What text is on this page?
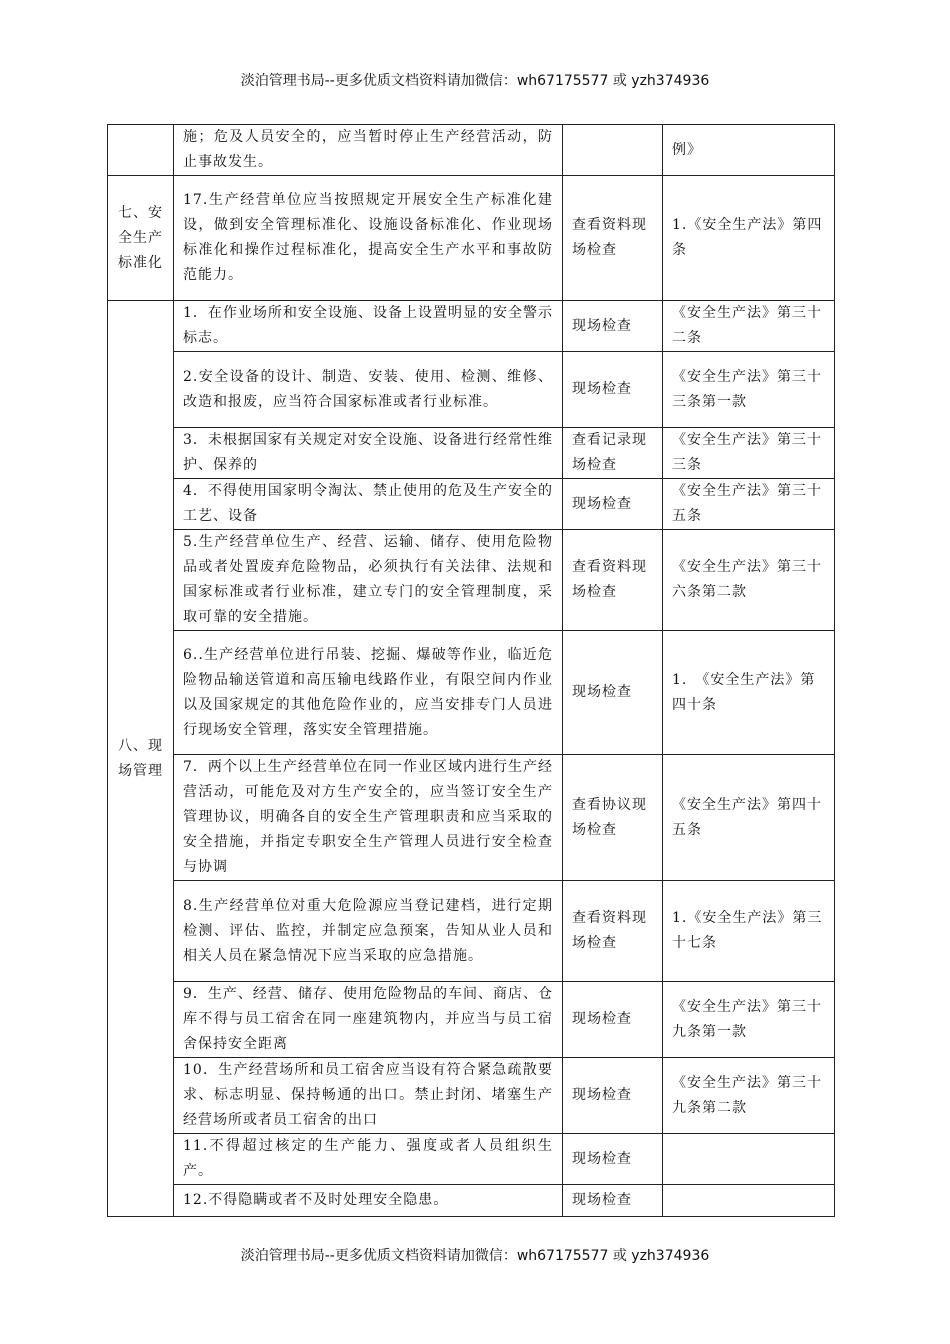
淡泊管理书局--更多优质文档资料请加微信：wh67175577 或 yzh374936
	施；危及人员安全的，应当暂时停止生产经营活动，防止事故发生。		例》
七、安全生产标准化	17.生产经营单位应当按照规定开展安全生产标准化建设，做到安全管理标准化、设施设备标准化、作业现场标准化和操作过程标准化，提高安全生产水平和事故防范能力。	查看资料现场检查	1.《安全生产法》第四条
八、现场管理	1．在作业场所和安全设施、设备上设置明显的安全警示标志。	现场检查	《安全生产法》第三十二条
	2.安全设备的设计、制造、安装、使用、检测、维修、改造和报废，应当符合国家标准或者行业标准。	现场检查	《安全生产法》第三十三条第一款
	3．未根据国家有关规定对安全设施、设备进行经常性维护、保养的	查看记录现场检查	《安全生产法》第三十三条
	4．不得使用国家明令淘汰、禁止使用的危及生产安全的工艺、设备	现场检查	《安全生产法》第三十五条
	5.生产经营单位生产、经营、运输、储存、使用危险物品或者处置废弃危险物品，必须执行有关法律、法规和国家标准或者行业标准，建立专门的安全管理制度，采取可靠的安全措施。	查看资料现场检查	《安全生产法》第三十六条第二款
	6..生产经营单位进行吊装、挖掘、爆破等作业，临近危险物品输送管道和高压输电线路作业，有限空间内作业以及国家规定的其他危险作业的，应当安排专门人员进行现场安全管理，落实安全管理措施。	现场检查	1.　《安全生产法》第四十条
	7．两个以上生产经营单位在同一作业区域内进行生产经营活动，可能危及对方生产安全的，应当签订安全生产管理协议，明确各自的安全生产管理职责和应当采取的安全措施，并指定专职安全生产管理人员进行安全检查与协调	查看协议现场检查	《安全生产法》第四十五条
	8.生产经营单位对重大危险源应当登记建档，进行定期检测、评估、监控，并制定应急预案，告知从业人员和相关人员在紧急情况下应当采取的应急措施。	查看资料现场检查	1.《安全生产法》第三十七条
	9．生产、经营、储存、使用危险物品的车间、商店、仓库不得与员工宿舍在同一座建筑物内，并应当与员工宿舍保持安全距离	现场检查	《安全生产法》第三十九条第一款
	10．生产经营场所和员工宿舍应当设有符合紧急疏散要求、标志明显、保持畅通的出口。禁止封闭、堵塞生产经营场所或者员工宿舍的出口	现场检查	《安全生产法》第三十九条第二款
	11.不得超过核定的生产能力、强度或者人员组织生产。	现场检查	
	12.不得隐瞒或者不及时处理安全隐患。	现场检查	
淡泊管理书局--更多优质文档资料请加微信：wh67175577 或 yzh374936
